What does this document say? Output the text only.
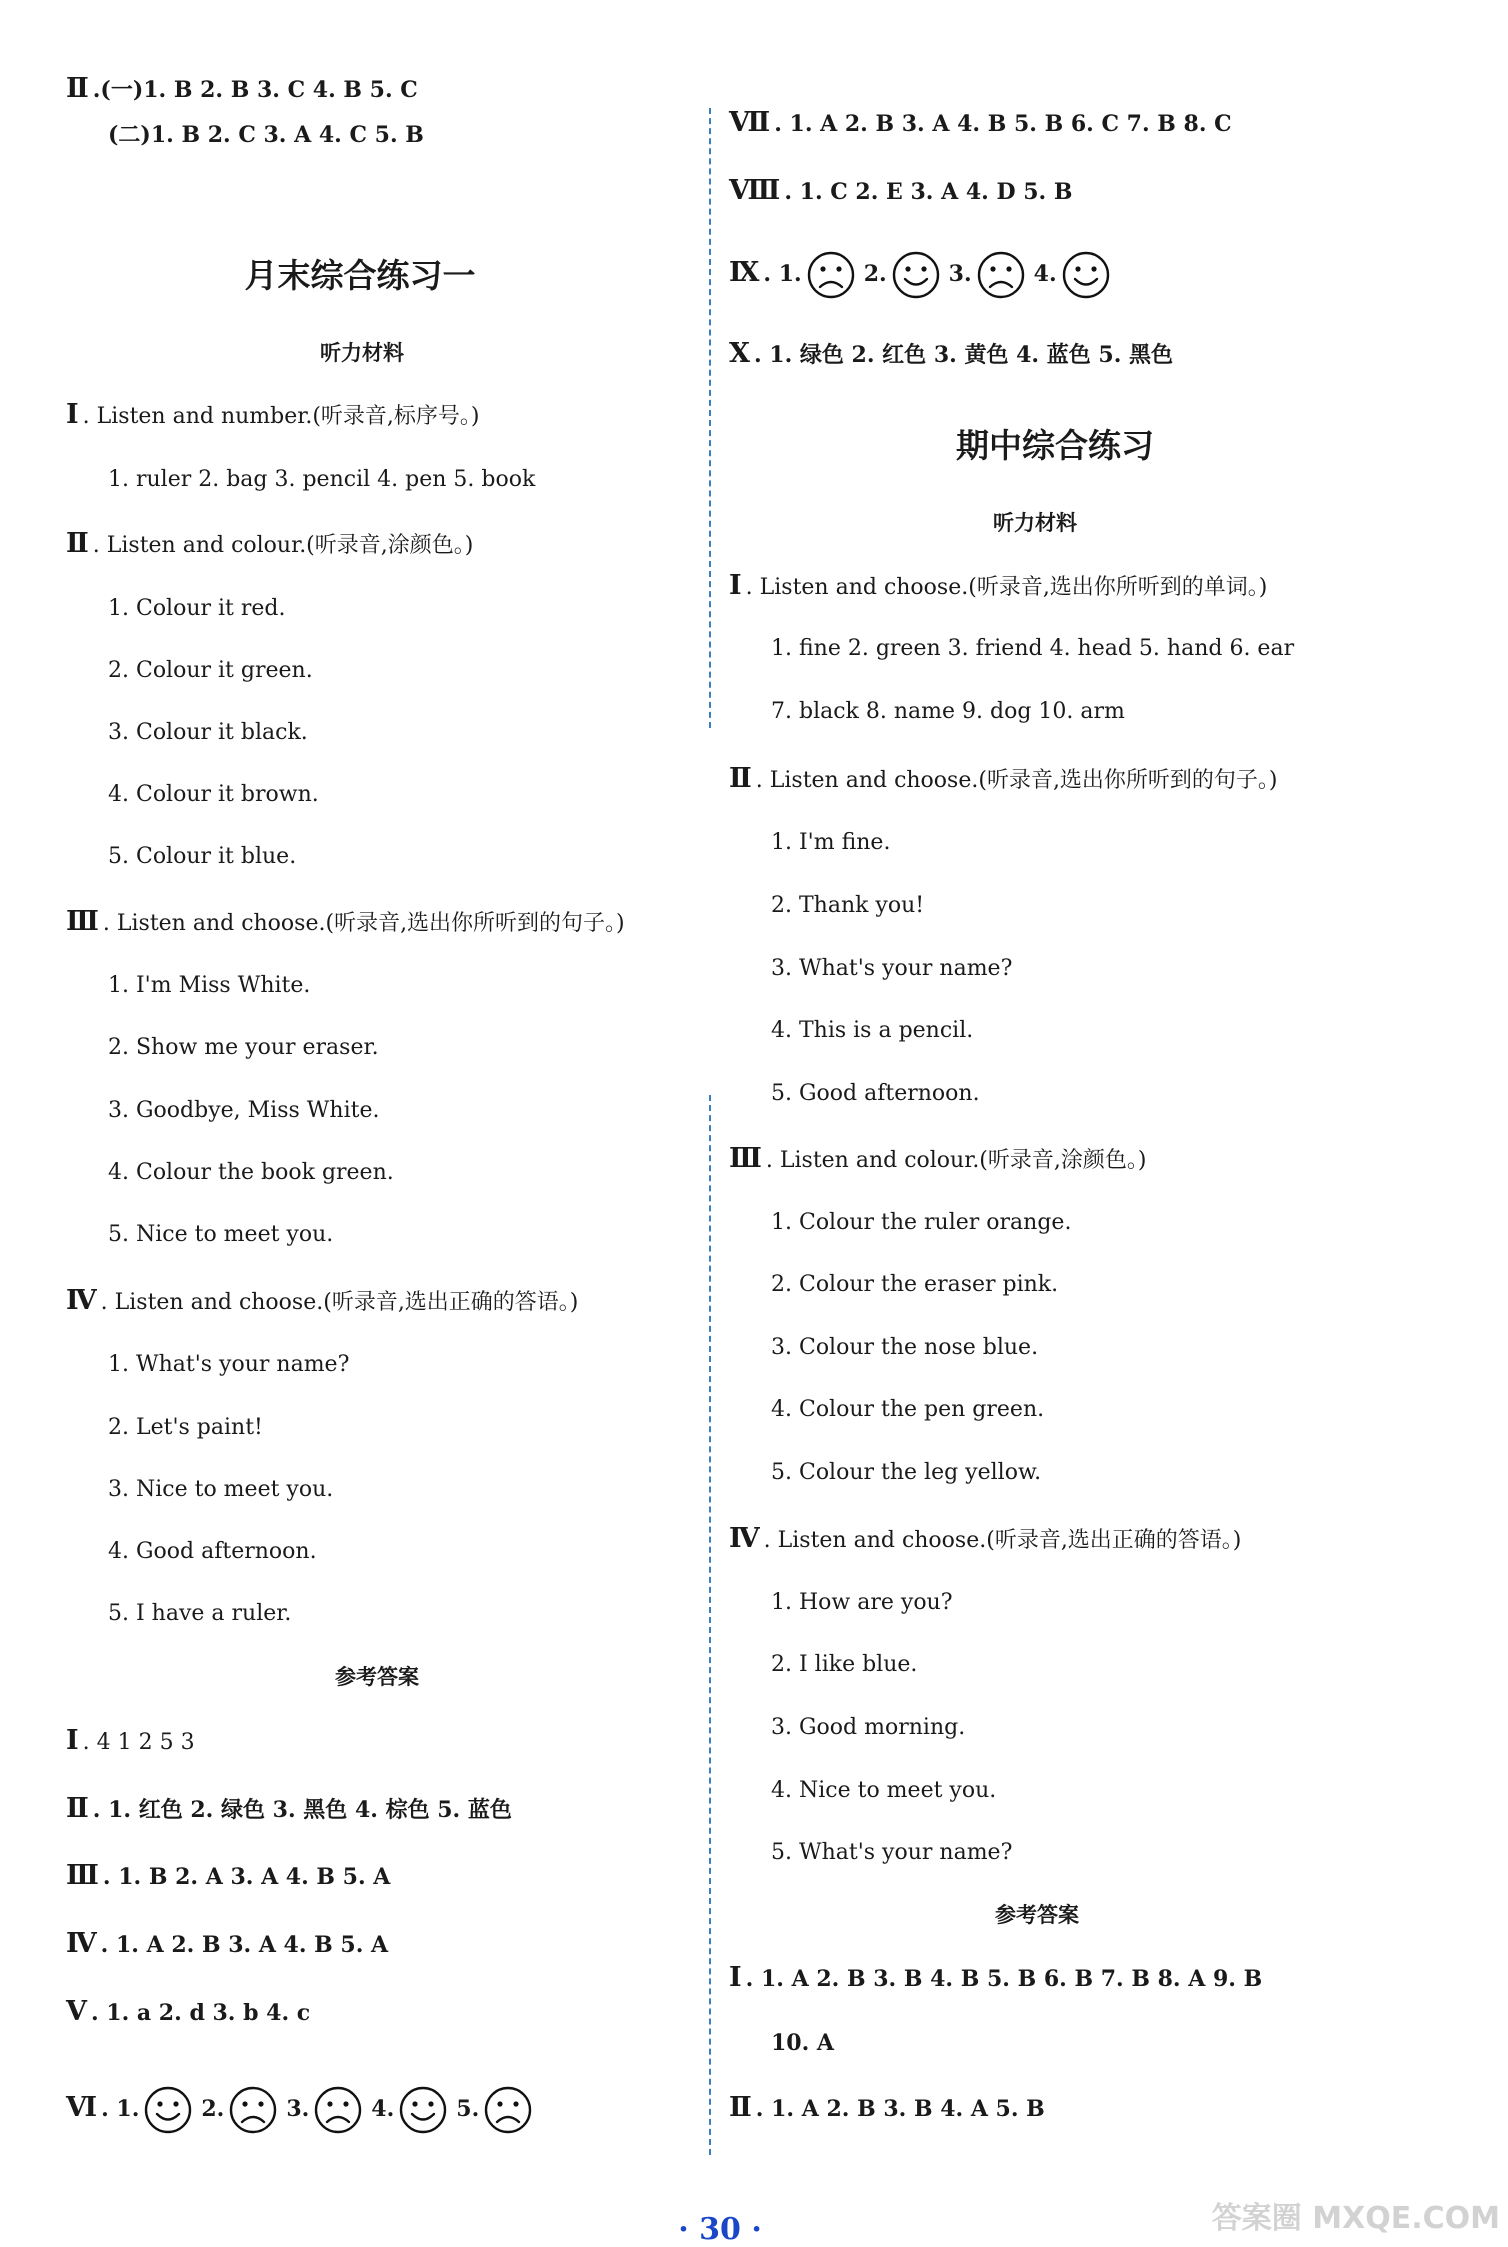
Ⅱ .(一)1. B 2. B 3. C 4. B 5. C
(二)1. B 2. C 3. A 4. C 5. B
月末综合练习一
听力材料
Ⅰ . Listen and number.(听录音,标序号。)
1. ruler 2. bag 3. pencil 4. pen 5. book
Ⅱ . Listen and colour.(听录音,涂颜色。)
1. Colour it red.
2. Colour it green.
3. Colour it black.
4. Colour it brown.
5. Colour it blue.
Ⅲ . Listen and choose.(听录音,选出你所听到的句子。)
1. I'm Miss White.
2. Show me your eraser.
3. Goodbye, Miss White.
4. Colour the book green.
5. Nice to meet you.
Ⅳ . Listen and choose.(听录音,选出正确的答语。)
1. What's your name?
2. Let's paint!
3. Nice to meet you.
4. Good afternoon.
5. I have a ruler.
参考答案
Ⅰ . 4 1 2 5 3
Ⅱ . 1. 红色 2. 绿色 3. 黑色 4. 棕色 5. 蓝色
Ⅲ . 1. B 2. A 3. A 4. B 5. A
Ⅳ . 1. A 2. B 3. A 4. B 5. A
Ⅴ . 1. a 2. d 3. b 4. c
Ⅵ . 1.	2.	3.	4.	5.
Ⅶ . 1. A 2. B 3. A 4. B 5. B 6. C 7. B 8. C
Ⅷ . 1. C 2. E 3. A 4. D 5. B
Ⅸ . 1.	2.	3.	4.
Ⅹ . 1. 绿色 2. 红色 3. 黄色 4. 蓝色 5. 黑色
期中综合练习
听力材料
Ⅰ . Listen and choose.(听录音,选出你所听到的单词。)
1. fine 2. green 3. friend 4. head 5. hand 6. ear
7. black 8. name 9. dog 10. arm
Ⅱ . Listen and choose.(听录音,选出你所听到的句子。)
1. I'm fine.
2. Thank you!
3. What's your name?
4. This is a pencil.
5. Good afternoon.
Ⅲ . Listen and colour.(听录音,涂颜色。)
1. Colour the ruler orange.
2. Colour the eraser pink.
3. Colour the nose blue.
4. Colour the pen green.
5. Colour the leg yellow.
Ⅳ . Listen and choose.(听录音,选出正确的答语。)
1. How are you?
2. I like blue.
3. Good morning.
4. Nice to meet you.
5. What's your name?
参考答案
Ⅰ . 1. A 2. B 3. B 4. B 5. B 6. B 7. B 8. A 9. B
10. A
Ⅱ . 1. A 2. B 3. B 4. A 5. B
· 30 ·	答案圈 MXQE.COM
